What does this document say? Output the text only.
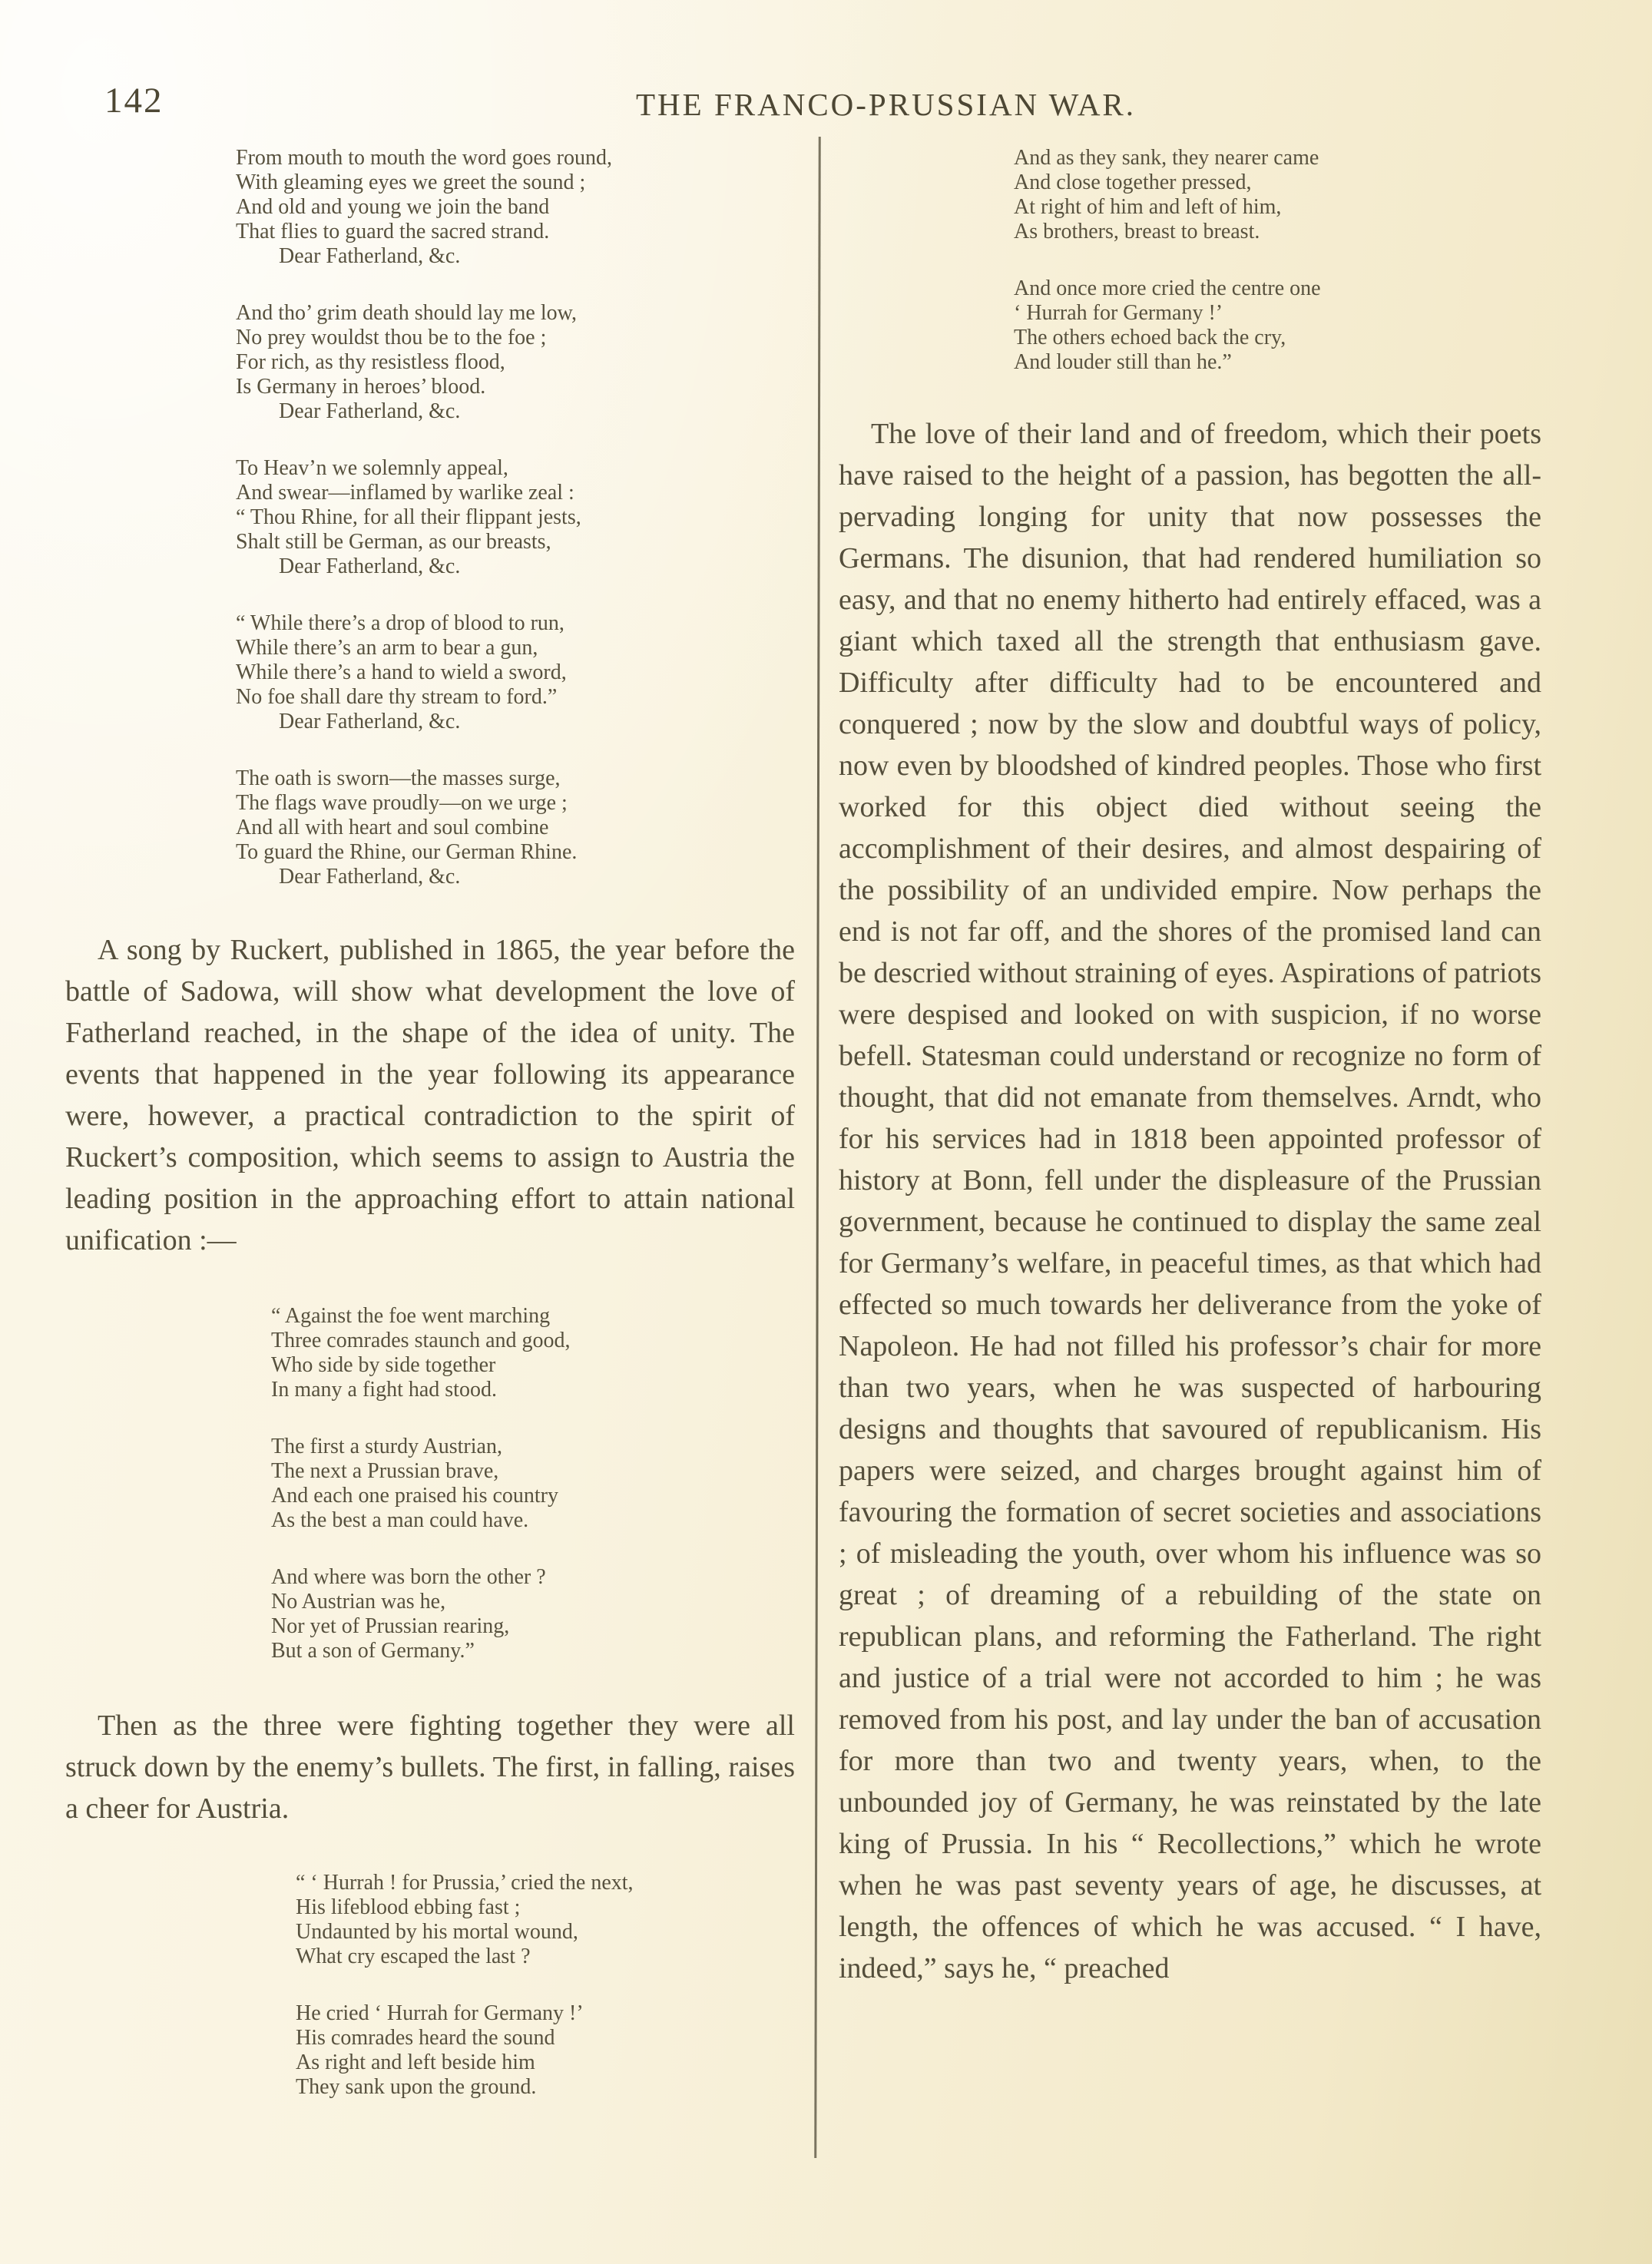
142	THE FRANCO-PRUSSIAN WAR.
From mouth to mouth the word goes round,
With gleaming eyes we greet the sound ;
And old and young we join the band
That flies to guard the sacred strand.
Dear Fatherland, &c.
And tho’ grim death should lay me low,
No prey wouldst thou be to the foe ;
For rich, as thy resistless flood,
Is Germany in heroes’ blood.
Dear Fatherland, &c.
To Heav’n we solemnly appeal,
And swear—inflamed by warlike zeal :
“ Thou Rhine, for all their flippant jests,
Shalt still be German, as our breasts,
Dear Fatherland, &c.
“ While there’s a drop of blood to run,
While there’s an arm to bear a gun,
While there’s a hand to wield a sword,
No foe shall dare thy stream to ford.”
Dear Fatherland, &c.
The oath is sworn—the masses surge,
The flags wave proudly—on we urge ;
And all with heart and soul combine
To guard the Rhine, our German Rhine.
Dear Fatherland, &c.

A song by Ruckert, published in 1865, the year before the battle of Sadowa, will show what development the love of Fatherland reached, in the shape of the idea of unity. The events that happened in the year following its appearance were, however, a practical contradiction to the spirit of Ruckert’s composition, which seems to assign to Austria the leading position in the approaching effort to attain national unification :—

“ Against the foe went marching
Three comrades staunch and good,
Who side by side together
In many a fight had stood.
The first a sturdy Austrian,
The next a Prussian brave,
And each one praised his country
As the best a man could have.
And where was born the other ?
No Austrian was he,
Nor yet of Prussian rearing,
But a son of Germany.”

Then as the three were fighting together they were all struck down by the enemy’s bullets. The first, in falling, raises a cheer for Austria.

“ ‘ Hurrah ! for Prussia,’ cried the next,
His lifeblood ebbing fast ;
Undaunted by his mortal wound,
What cry escaped the last ?
He cried ‘ Hurrah for Germany !’
His comrades heard the sound
As right and left beside him
They sank upon the ground.
And as they sank, they nearer came
And close together pressed,
At right of him and left of him,
As brothers, breast to breast.
And once more cried the centre one
‘ Hurrah for Germany !’
The others echoed back the cry,
And louder still than he.”

The love of their land and of freedom, which their poets have raised to the height of a passion, has begotten the all-pervading longing for unity that now possesses the Germans. The disunion, that had rendered humiliation so easy, and that no enemy hitherto had entirely effaced, was a giant which taxed all the strength that enthusiasm gave. Difficulty after difficulty had to be encountered and conquered ; now by the slow and doubtful ways of policy, now even by bloodshed of kindred peoples. Those who first worked for this object died without seeing the accomplishment of their desires, and almost despairing of the possibility of an undivided empire. Now perhaps the end is not far off, and the shores of the promised land can be descried without straining of eyes. Aspirations of patriots were despised and looked on with suspicion, if no worse befell. Statesman could understand or recognize no form of thought, that did not emanate from themselves. Arndt, who for his services had in 1818 been appointed professor of history at Bonn, fell under the displeasure of the Prussian government, because he continued to display the same zeal for Germany’s welfare, in peaceful times, as that which had effected so much towards her deliverance from the yoke of Napoleon. He had not filled his professor’s chair for more than two years, when he was suspected of harbouring designs and thoughts that savoured of republicanism. His papers were seized, and charges brought against him of favouring the formation of secret societies and associations ; of misleading the youth, over whom his influence was so great ; of dreaming of a rebuilding of the state on republican plans, and reforming the Fatherland. The right and justice of a trial were not accorded to him ; he was removed from his post, and lay under the ban of accusation for more than two and twenty years, when, to the unbounded joy of Germany, he was reinstated by the late king of Prussia. In his “ Recollections,” which he wrote when he was past seventy years of age, he discusses, at length, the offences of which he was accused. “ I have, indeed,” says he, “ preached
